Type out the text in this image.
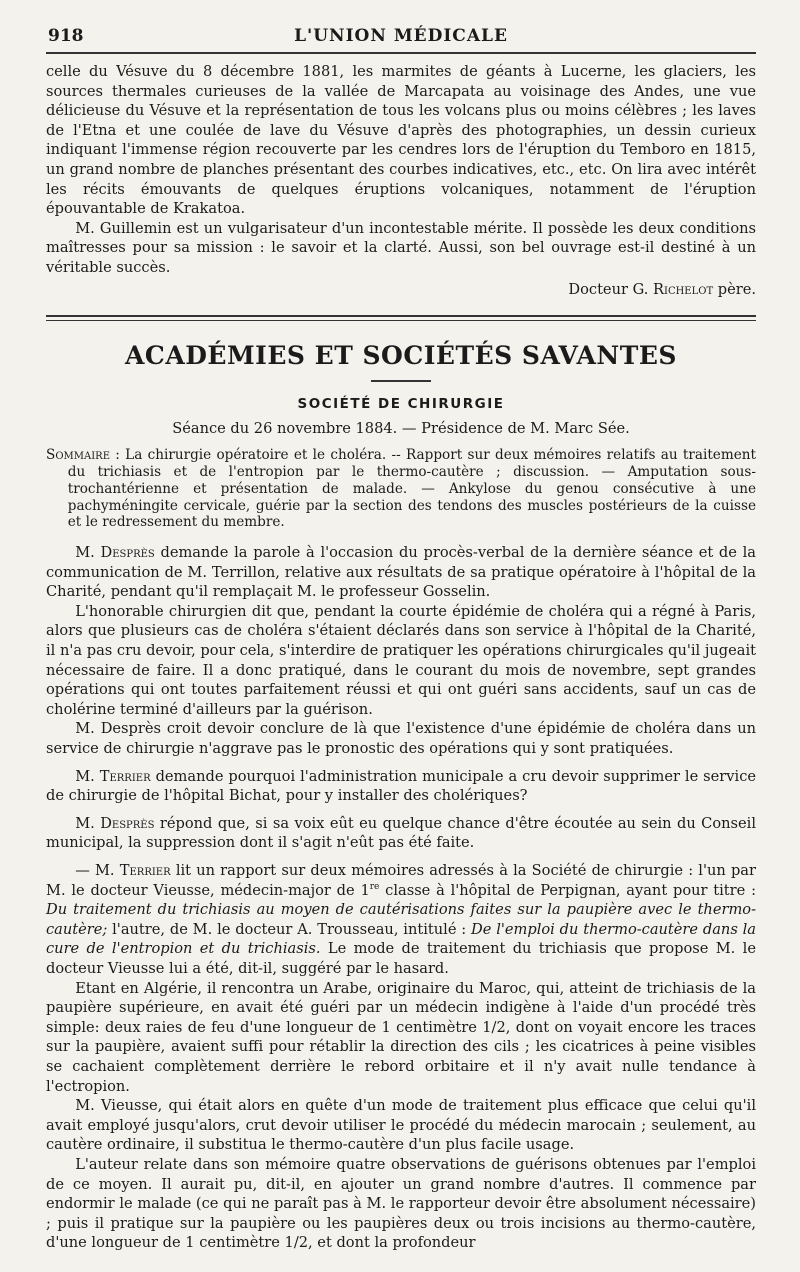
918	L'UNION MÉDICALE

celle du Vésuve du 8 décembre 1881, les marmites de géants à Lucerne, les glaciers, les sources thermales curieuses de la vallée de Marcapata au voisinage des Andes, une vue délicieuse du Vésuve et la représentation de tous les volcans plus ou moins célèbres ; les laves de l'Etna et une coulée de lave du Vésuve d'après des photographies, un dessin curieux indiquant l'immense région recouverte par les cendres lors de l'éruption du Temboro en 1815, un grand nombre de planches présentant des courbes indicatives, etc., etc. On lira avec intérêt les récits émouvants de quelques éruptions volcaniques, notamment de l'éruption épouvantable de Krakatoa.

M. Guillemin est un vulgarisateur d'un incontestable mérite. Il possède les deux conditions maîtresses pour sa mission : le savoir et la clarté. Aussi, son bel ouvrage est-il destiné à un véritable succès.

Docteur G. Richelot père.

ACADÉMIES ET SOCIÉTÉS SAVANTES
SOCIÉTÉ DE CHIRURGIE
Séance du 26 novembre 1884. — Présidence de M. Marc Sée.
Sommaire : La chirurgie opératoire et le choléra. -- Rapport sur deux mémoires relatifs au traitement du trichiasis et de l'entropion par le thermo-cautère ; discussion. — Amputation sous-trochantérienne et présentation de malade. — Ankylose du genou consécutive à une pachyméningite cervicale, guérie par la section des tendons des muscles postérieurs de la cuisse et le redressement du membre.

M. Desprès demande la parole à l'occasion du procès-verbal de la dernière séance et de la communication de M. Terrillon, relative aux résultats de sa pratique opératoire à l'hôpital de la Charité, pendant qu'il remplaçait M. le professeur Gosselin.

L'honorable chirurgien dit que, pendant la courte épidémie de choléra qui a régné à Paris, alors que plusieurs cas de choléra s'étaient déclarés dans son service à l'hôpital de la Charité, il n'a pas cru devoir, pour cela, s'interdire de pratiquer les opérations chirurgicales qu'il jugeait nécessaire de faire. Il a donc pratiqué, dans le courant du mois de novembre, sept grandes opérations qui ont toutes parfaitement réussi et qui ont guéri sans accidents, sauf un cas de cholérine terminé d'ailleurs par la guérison.

M. Desprès croit devoir conclure de là que l'existence d'une épidémie de choléra dans un service de chirurgie n'aggrave pas le pronostic des opérations qui y sont pratiquées.

M. Terrier demande pourquoi l'administration municipale a cru devoir supprimer le service de chirurgie de l'hôpital Bichat, pour y installer des cholériques?

M. Desprès répond que, si sa voix eût eu quelque chance d'être écoutée au sein du Conseil municipal, la suppression dont il s'agit n'eût pas été faite.

— M. Terrier lit un rapport sur deux mémoires adressés à la Société de chirurgie : l'un par M. le docteur Vieusse, médecin-major de 1re classe à l'hôpital de Perpignan, ayant pour titre : Du traitement du trichiasis au moyen de cautérisations faites sur la paupière avec le thermo-cautère; l'autre, de M. le docteur A. Trousseau, intitulé : De l'emploi du thermo-cautère dans la cure de l'entropion et du trichiasis. Le mode de traitement du trichiasis que propose M. le docteur Vieusse lui a été, dit-il, suggéré par le hasard.

Etant en Algérie, il rencontra un Arabe, originaire du Maroc, qui, atteint de trichiasis de la paupière supérieure, en avait été guéri par un médecin indigène à l'aide d'un procédé très simple: deux raies de feu d'une longueur de 1 centimètre 1/2, dont on voyait encore les traces sur la paupière, avaient suffi pour rétablir la direction des cils ; les cicatrices à peine visibles se cachaient complètement derrière le rebord orbitaire et il n'y avait nulle tendance à l'ectropion.

M. Vieusse, qui était alors en quête d'un mode de traitement plus efficace que celui qu'il avait employé jusqu'alors, crut devoir utiliser le procédé du médecin marocain ; seulement, au cautère ordinaire, il substitua le thermo-cautère d'un plus facile usage.

L'auteur relate dans son mémoire quatre observations de guérisons obtenues par l'emploi de ce moyen. Il aurait pu, dit-il, en ajouter un grand nombre d'autres. Il commence par endormir le malade (ce qui ne paraît pas à M. le rapporteur devoir être absolument nécessaire) ; puis il pratique sur la paupière ou les paupières deux ou trois incisions au thermo-cautère, d'une longueur de 1 centimètre 1/2, et dont la profondeur
